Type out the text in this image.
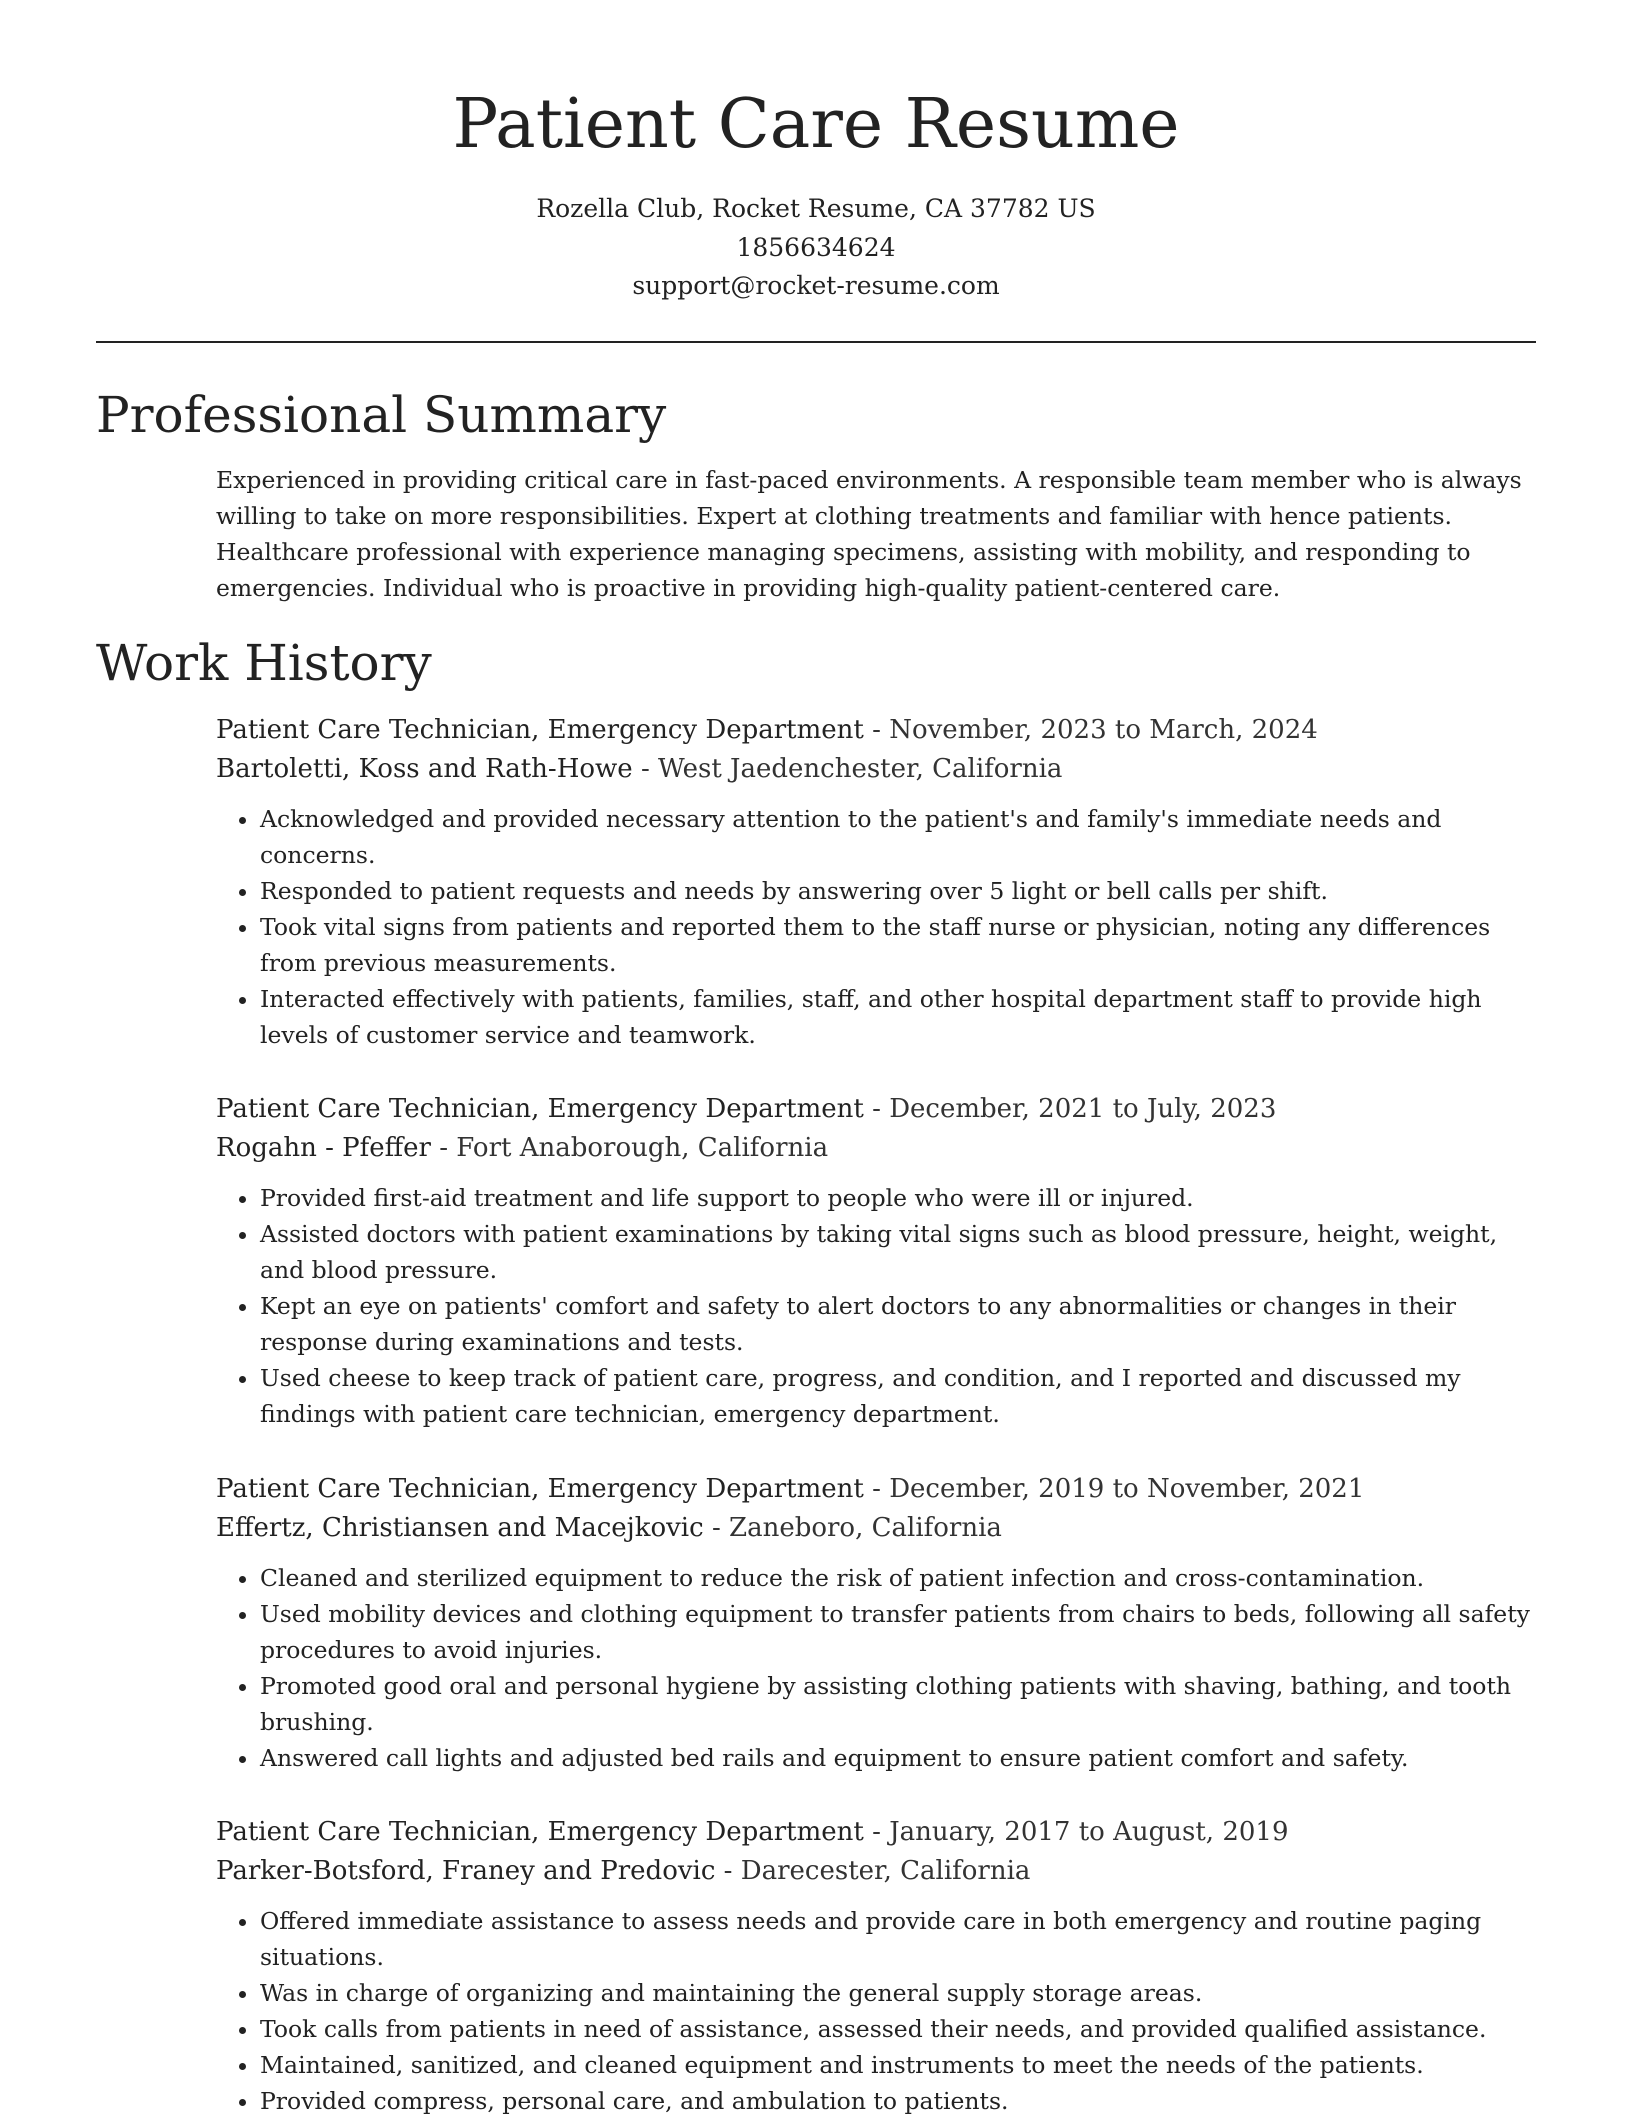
Patient Care Resume
Rozella Club, Rocket Resume, CA 37782 US
1856634624
support@rocket-resume.com
Professional Summary
Experienced in providing critical care in fast-paced environments. A responsible team member who is always willing to take on more responsibilities. Expert at clothing treatments and familiar with hence patients. Healthcare professional with experience managing specimens, assisting with mobility, and responding to emergencies. Individual who is proactive in providing high-quality patient-centered care.
Work History
Patient Care Technician, Emergency Department - November, 2023 to March, 2024
Bartoletti, Koss and Rath-Howe - West Jaedenchester, California
• Acknowledged and provided necessary attention to the patient's and family's immediate needs and concerns.
• Responded to patient requests and needs by answering over 5 light or bell calls per shift.
• Took vital signs from patients and reported them to the staff nurse or physician, noting any differences from previous measurements.
• Interacted effectively with patients, families, staff, and other hospital department staff to provide high levels of customer service and teamwork.
Patient Care Technician, Emergency Department - December, 2021 to July, 2023
Rogahn - Pfeffer - Fort Anaborough, California
• Provided first-aid treatment and life support to people who were ill or injured.
• Assisted doctors with patient examinations by taking vital signs such as blood pressure, height, weight, and blood pressure.
• Kept an eye on patients' comfort and safety to alert doctors to any abnormalities or changes in their response during examinations and tests.
• Used cheese to keep track of patient care, progress, and condition, and I reported and discussed my findings with patient care technician, emergency department.
Patient Care Technician, Emergency Department - December, 2019 to November, 2021
Effertz, Christiansen and Macejkovic - Zaneboro, California
• Cleaned and sterilized equipment to reduce the risk of patient infection and cross-contamination.
• Used mobility devices and clothing equipment to transfer patients from chairs to beds, following all safety procedures to avoid injuries.
• Promoted good oral and personal hygiene by assisting clothing patients with shaving, bathing, and tooth brushing.
• Answered call lights and adjusted bed rails and equipment to ensure patient comfort and safety.
Patient Care Technician, Emergency Department - January, 2017 to August, 2019
Parker-Botsford, Franey and Predovic - Darecester, California
• Offered immediate assistance to assess needs and provide care in both emergency and routine paging situations.
• Was in charge of organizing and maintaining the general supply storage areas.
• Took calls from patients in need of assistance, assessed their needs, and provided qualified assistance.
• Maintained, sanitized, and cleaned equipment and instruments to meet the needs of the patients.
• Provided compress, personal care, and ambulation to patients.
